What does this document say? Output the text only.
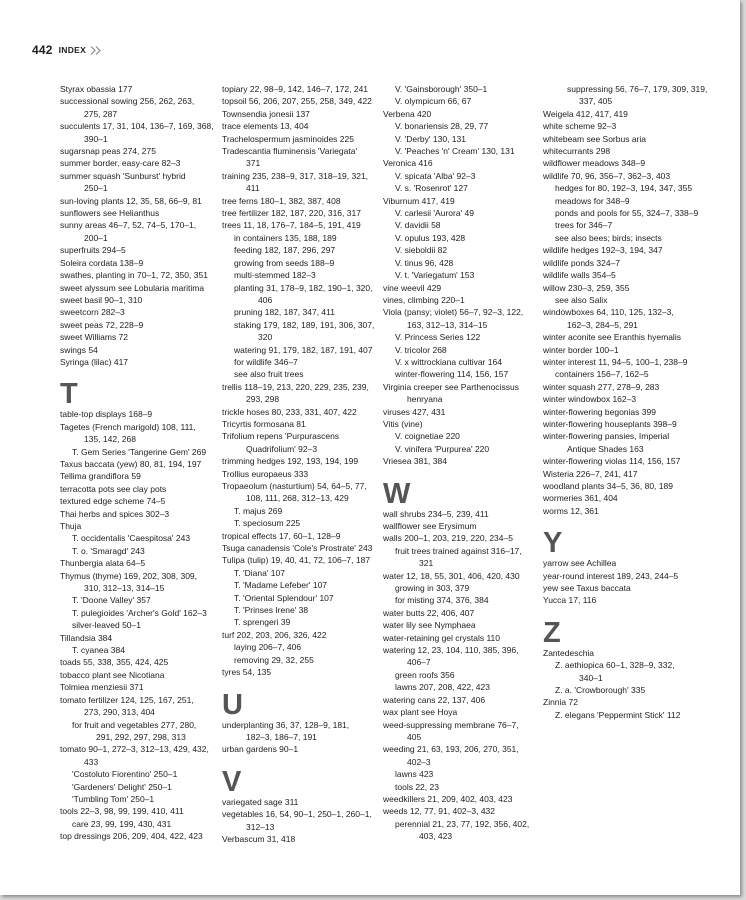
442 INDEX
Styrax obassia 177
successional sowing 256, 262, 263,
275, 287
succulents 17, 31, 104, 136–7, 169, 368,
390–1
sugarsnap peas 274, 275
summer border, easy-care 82–3
summer squash 'Sunburst' hybrid
250–1
sun-loving plants 12, 35, 58, 66–9, 81
sunflowers see Helianthus
sunny areas 46–7, 52, 74–5, 170–1,
200–1
superfruits 294–5
Soleira cordata 138–9
swathes, planting in 70–1, 72, 350, 351
sweet alyssum see Lobularia maritima
sweet basil 90–1, 310
sweetcorn 282–3
sweet peas 72, 228–9
sweet Williams 72
swings 54
Syringa (lilac) 417
T
table-top displays 168–9
Tagetes (French marigold) 108, 111,
135, 142, 268
T. Gem Series 'Tangerine Gem' 269
Taxus baccata (yew) 80, 81, 194, 197
Tellima grandiflora 59
terracotta pots see clay pots
textured edge scheme 74–5
Thai herbs and spices 302–3
Thuja
T. occidentalis 'Caespitosa' 243
T. o. 'Smaragd' 243
Thunbergia alata 64–5
Thymus (thyme) 169, 202, 308, 309,
310, 312–13, 314–15
T. 'Doone Valley' 357
T. pulegioides 'Archer's Gold' 162–3
silver-leaved 50–1
Tillandsia 384
T. cyanea 384
toads 55, 338, 355, 424, 425
tobacco plant see Nicotiana
Tolmiea menziesii 371
tomato fertilizer 124, 125, 167, 251,
273, 290, 313, 404
for fruit and vegetables 277, 280,
291, 292, 297, 298, 313
tomato 90–1, 272–3, 312–13, 429, 432,
433
'Costoluto Fiorentino' 250–1
'Gardeners' Delight' 250–1
'Tumbling Tom' 250–1
tools 22–3, 98, 99, 199, 410, 411
care 23, 99, 199, 430, 431
top dressings 206, 209, 404, 422, 423
topiary 22, 98–9, 142, 146–7, 172, 241
topsoil 56, 206, 207, 255, 258, 349, 422
Townsendia jonesii 137
trace elements 13, 404
Trachelospermum jasminoides 225
Tradescantia fluminensis 'Variegata'
371
training 235, 238–9, 317, 318–19, 321,
411
tree ferns 180–1, 382, 387, 408
tree fertilizer 182, 187, 220, 316, 317
trees 11, 18, 176–7, 184–5, 191, 419
in containers 135, 188, 189
feeding 182, 187, 296, 297
growing from seeds 188–9
multi-stemmed 182–3
planting 31, 178–9, 182, 190–1, 320,
406
pruning 182, 187, 347, 411
staking 179, 182, 189, 191, 306, 307,
320
watering 91, 179, 182, 187, 191, 407
for wildlife 346–7
see also fruit trees
trellis 118–19, 213, 220, 229, 235, 239,
293, 298
trickle hoses 80, 233, 331, 407, 422
Tricyrtis formosana 81
Trifolium repens 'Purpurascens
Quadrifolium' 92–3
trimming hedges 192, 193, 194, 199
Trollius europaeus 333
Tropaeolum (nasturtium) 54, 64–5, 77,
108, 111, 268, 312–13, 429
T. majus 269
T. speciosum 225
tropical effects 17, 60–1, 128–9
Tsuga canadensis 'Cole's Prostrate' 243
Tulipa (tulip) 19, 40, 41, 72, 106–7, 187
T. 'Diana' 107
T. 'Madame Lefeber' 107
T. 'Oriental Splendour' 107
T. 'Prinses Irene' 38
T. sprengeri 39
turf 202, 203, 206, 326, 422
laying 206–7, 406
removing 29, 32, 255
tyres 54, 135
U
underplanting 36, 37, 128–9, 181,
182–3, 186–7, 191
urban gardens 90–1
V
variegated sage 311
vegetables 16, 54, 90–1, 250–1, 260–1,
312–13
Verbascum 31, 418
V. 'Gainsborough' 350–1
V. olympicum 66, 67
Verbena 420
V. bonariensis 28, 29, 77
V. 'Derby' 130, 131
V. 'Peaches 'n' Cream' 130, 131
Veronica 416
V. spicata 'Alba' 92–3
V. s. 'Rosenrot' 127
Viburnum 417, 419
V. carlesii 'Aurora' 49
V. davidii 58
V. opulus 193, 428
V. sieboldii 82
V. tinus 96, 428
V. t. 'Variegatum' 153
vine weevil 429
vines, climbing 220–1
Viola (pansy; violet) 56–7, 92–3, 122,
163, 312–13, 314–15
V. Princess Series 122
V. tricolor 268
V. x wittrockiana cultivar 164
winter-flowering 114, 156, 157
Virginia creeper see Parthenocissus
henryana
viruses 427, 431
Vitis (vine)
V. coignetiae 220
V. vinifera 'Purpurea' 220
Vriesea 381, 384
W
wall shrubs 234–5, 239, 411
wallflower see Erysimum
walls 200–1, 203, 219, 220, 234–5
fruit trees trained against 316–17,
321
water 12, 18, 55, 301, 406, 420, 430
growing in 303, 379
for misting 374, 376, 384
water butts 22, 406, 407
water lily see Nymphaea
water-retaining gel crystals 110
watering 12, 23, 104, 110, 385, 396,
406–7
green roofs 356
lawns 207, 208, 422, 423
watering cans 22, 137, 406
wax plant see Hoya
weed-suppressing membrane 76–7,
405
weeding 21, 63, 193, 206, 270, 351,
402–3
lawns 423
tools 22, 23
weedkillers 21, 209, 402, 403, 423
weeds 12, 77, 91, 402–3, 432
perennial 21, 23, 77, 192, 356, 402,
403, 423
suppressing 56, 76–7, 179, 309, 319,
337, 405
Weigela 412, 417, 419
white scheme 92–3
whitebeam see Sorbus aria
whitecurrants 298
wildflower meadows 348–9
wildlife 70, 96, 356–7, 362–3, 403
hedges for 80, 192–3, 194, 347, 355
meadows for 348–9
ponds and pools for 55, 324–7, 338–9
trees for 346–7
see also bees; birds; insects
wildlife hedges 192–3, 194, 347
wildlife ponds 324–7
wildlife walls 354–5
willow 230–3, 259, 355
see also Salix
windowboxes 64, 110, 125, 132–3,
162–3, 284–5, 291
winter aconite see Eranthis hyemalis
winter border 100–1
winter interest 11, 94–5, 100–1, 238–9
containers 156–7, 162–5
winter squash 277, 278–9, 283
winter windowbox 162–3
winter-flowering begonias 399
winter-flowering houseplants 398–9
winter-flowering pansies, Imperial
Antique Shades 163
winter-flowering violas 114, 156, 157
Wisteria 226–7, 241, 417
woodland plants 34–5, 36, 80, 189
wormeries 361, 404
worms 12, 361
Y
yarrow see Achillea
year-round interest 189, 243, 244–5
yew see Taxus baccata
Yucca 17, 116
Z
Zantedeschia
Z. aethiopica 60–1, 328–9, 332,
340–1
Z. a. 'Crowborough' 335
Zinnia 72
Z. elegans 'Peppermint Stick' 112
